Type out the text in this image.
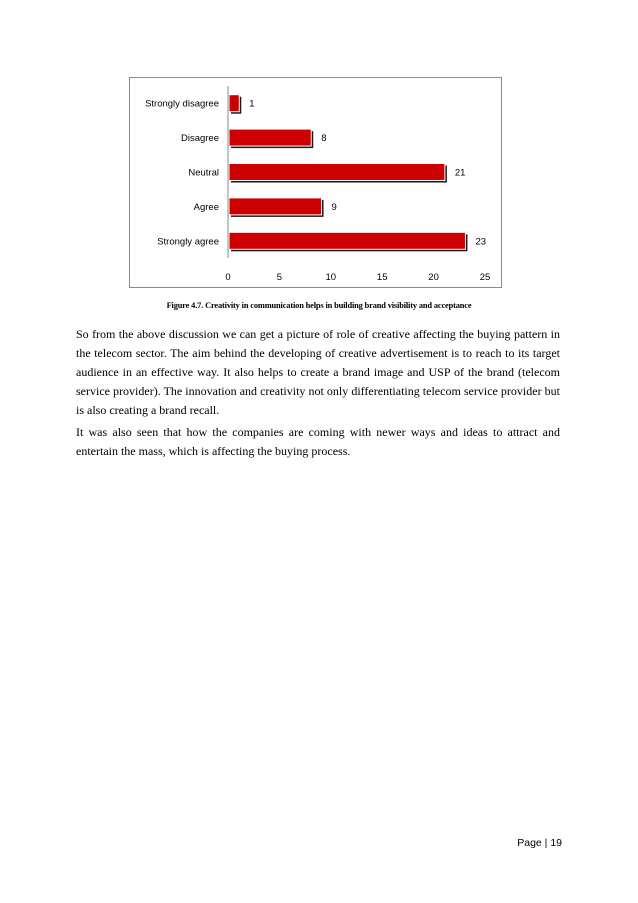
Strongly disagree	1
Disagree	8
Neutral	21
Agree	9
Strongly agree	23
0	5	10	15	20	25
Figure 4.7. Creativity in communication helps in building brand visibility and acceptance

So from the above discussion we can get a picture of role of creative affecting the buying pattern in the telecom sector. The aim behind the developing of creative advertisement is to reach to its target audience in an effective way. It also helps to create a brand image and USP of the brand (telecom service provider). The innovation and creativity not only differentiating telecom service provider but is also creating a brand recall.

It was also seen that how the companies are coming with newer ways and ideas to attract and entertain the mass, which is affecting the buying process.

Page | 19
